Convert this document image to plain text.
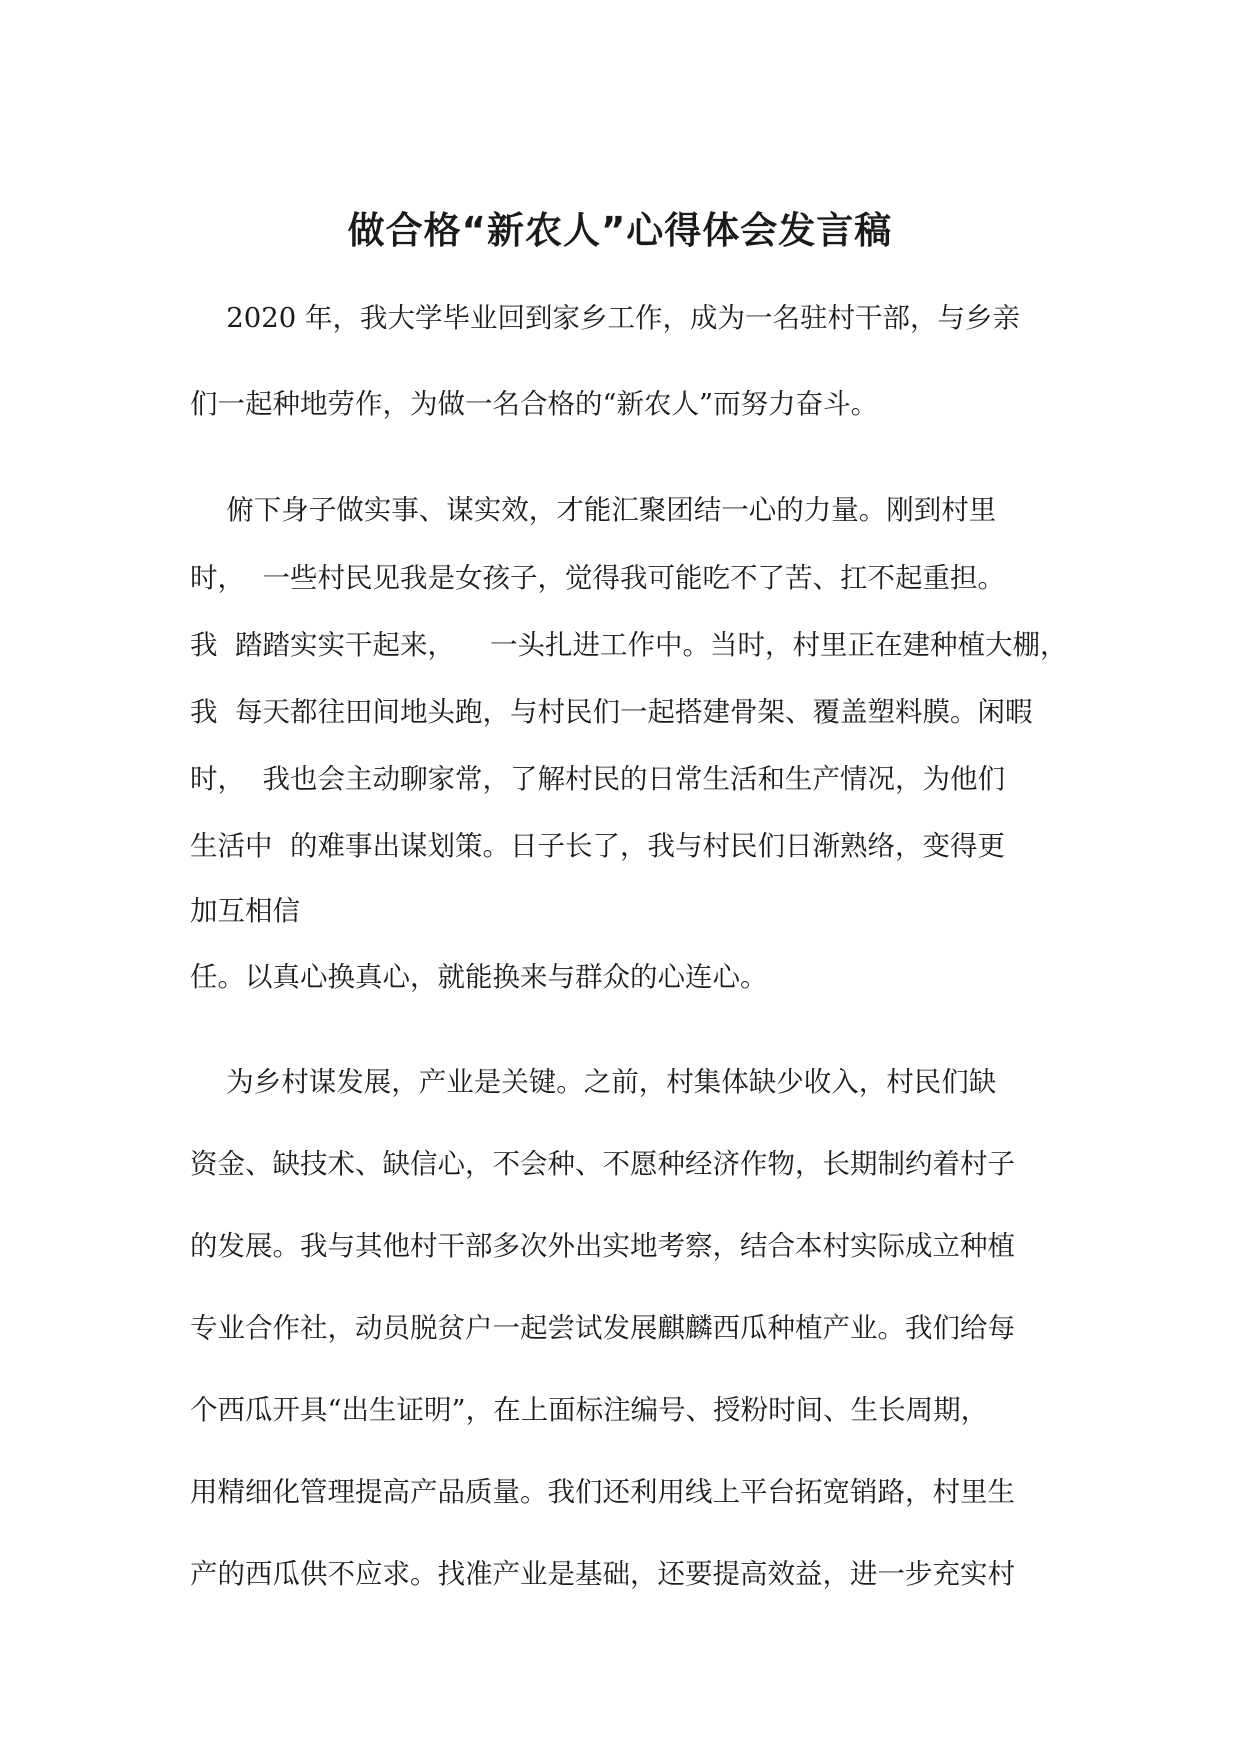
做合格“新农人”心得体会发言稿
　 2020 年，我大学毕业回到家乡工作，成为一名驻村干部，与乡亲
们一起种地劳作，为做一名合格的“新农人”而努力奋斗。
　 俯下身子做实事、谋实效，才能汇聚团结一心的力量。刚到村里
时，  一些村民见我是女孩子，觉得我可能吃不了苦、扛不起重担。
我  踏踏实实干起来，    一头扎进工作中。当时，村里正在建种植大棚，
我  每天都往田间地头跑，与村民们一起搭建骨架、覆盖塑料膜。闲暇
时，  我也会主动聊家常，了解村民的日常生活和生产情况，为他们
生活中  的难事出谋划策。日子长了，我与村民们日渐熟络，变得更
加互相信
任。以真心换真心，就能换来与群众的心连心。
　 为乡村谋发展，产业是关键。之前，村集体缺少收入，村民们缺
资金、缺技术、缺信心，不会种、不愿种经济作物，长期制约着村子
的发展。我与其他村干部多次外出实地考察，结合本村实际成立种植
专业合作社，动员脱贫户一起尝试发展麒麟西瓜种植产业。我们给每
个西瓜开具“出生证明”，在上面标注编号、授粉时间、生长周期，
用精细化管理提高产品质量。我们还利用线上平台拓宽销路，村里生
产的西瓜供不应求。找准产业是基础，还要提高效益，进一步充实村
